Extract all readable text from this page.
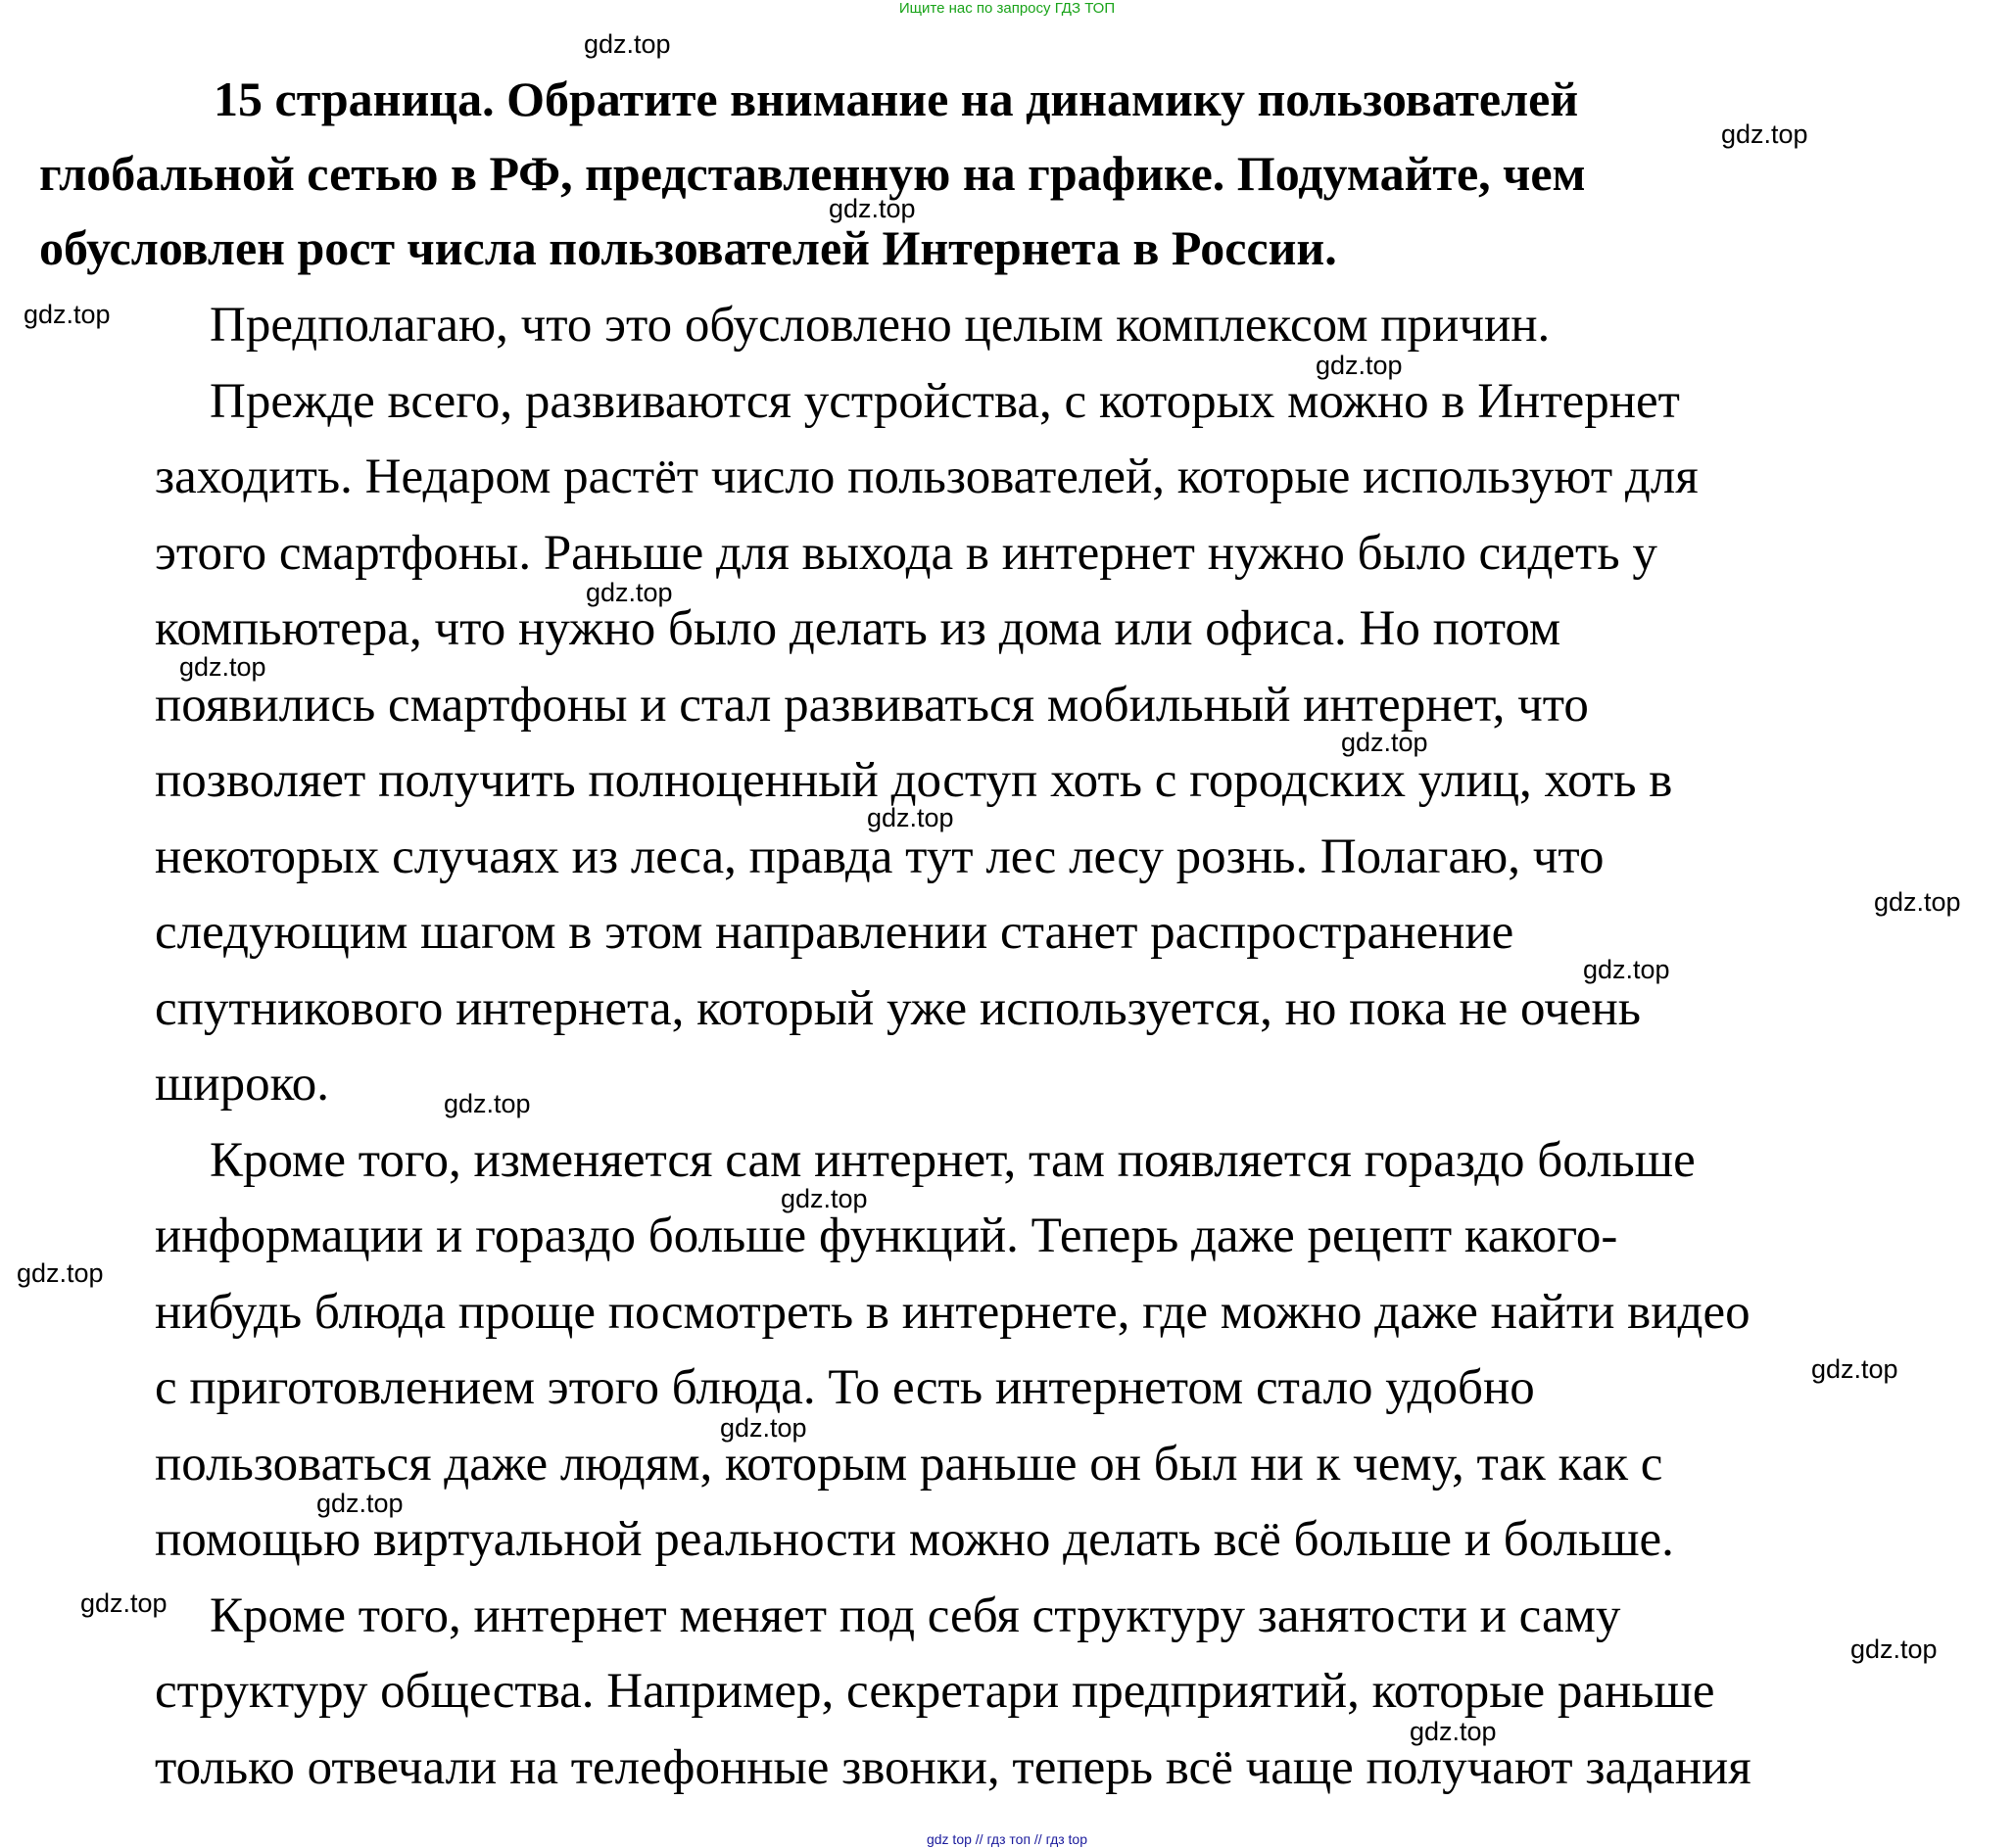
Ищите нас по запросу ГДЗ ТОП
15 страница. Обратите внимание на динамику пользователей
глобальной сетью в РФ, представленную на графике. Подумайте, чем
обусловлен рост числа пользователей Интернета в России.
Предполагаю, что это обусловлено целым комплексом причин.
Прежде всего, развиваются устройства, с которых можно в Интернет
заходить. Недаром растёт число пользователей, которые используют для
этого смартфоны. Раньше для выхода в интернет нужно было сидеть у
компьютера, что нужно было делать из дома или офиса. Но потом
появились смартфоны и стал развиваться мобильный интернет, что
позволяет получить полноценный доступ хоть с городских улиц, хоть в
некоторых случаях из леса, правда тут лес лесу рознь. Полагаю, что
следующим шагом в этом направлении станет распространение
спутникового интернета, который уже используется, но пока не очень
широко.
Кроме того, изменяется сам интернет, там появляется гораздо больше
информации и гораздо больше функций. Теперь даже рецепт какого-
нибудь блюда проще посмотреть в интернете, где можно даже найти видео
с приготовлением этого блюда. То есть интернетом стало удобно
пользоваться даже людям, которым раньше он был ни к чему, так как с
помощью виртуальной реальности можно делать всё больше и больше.
Кроме того, интернет меняет под себя структуру занятости и саму
структуру общества. Например, секретари предприятий, которые раньше
только отвечали на телефонные звонки, теперь всё чаще получают задания
gdz.top
gdz.top
gdz.top
gdz.top
gdz.top
gdz.top
gdz.top
gdz.top
gdz.top
gdz.top
gdz.top
gdz.top
gdz.top
gdz.top
gdz.top
gdz.top
gdz.top
gdz.top
gdz.top
gdz.top
gdz top // гдз топ // гдз top
